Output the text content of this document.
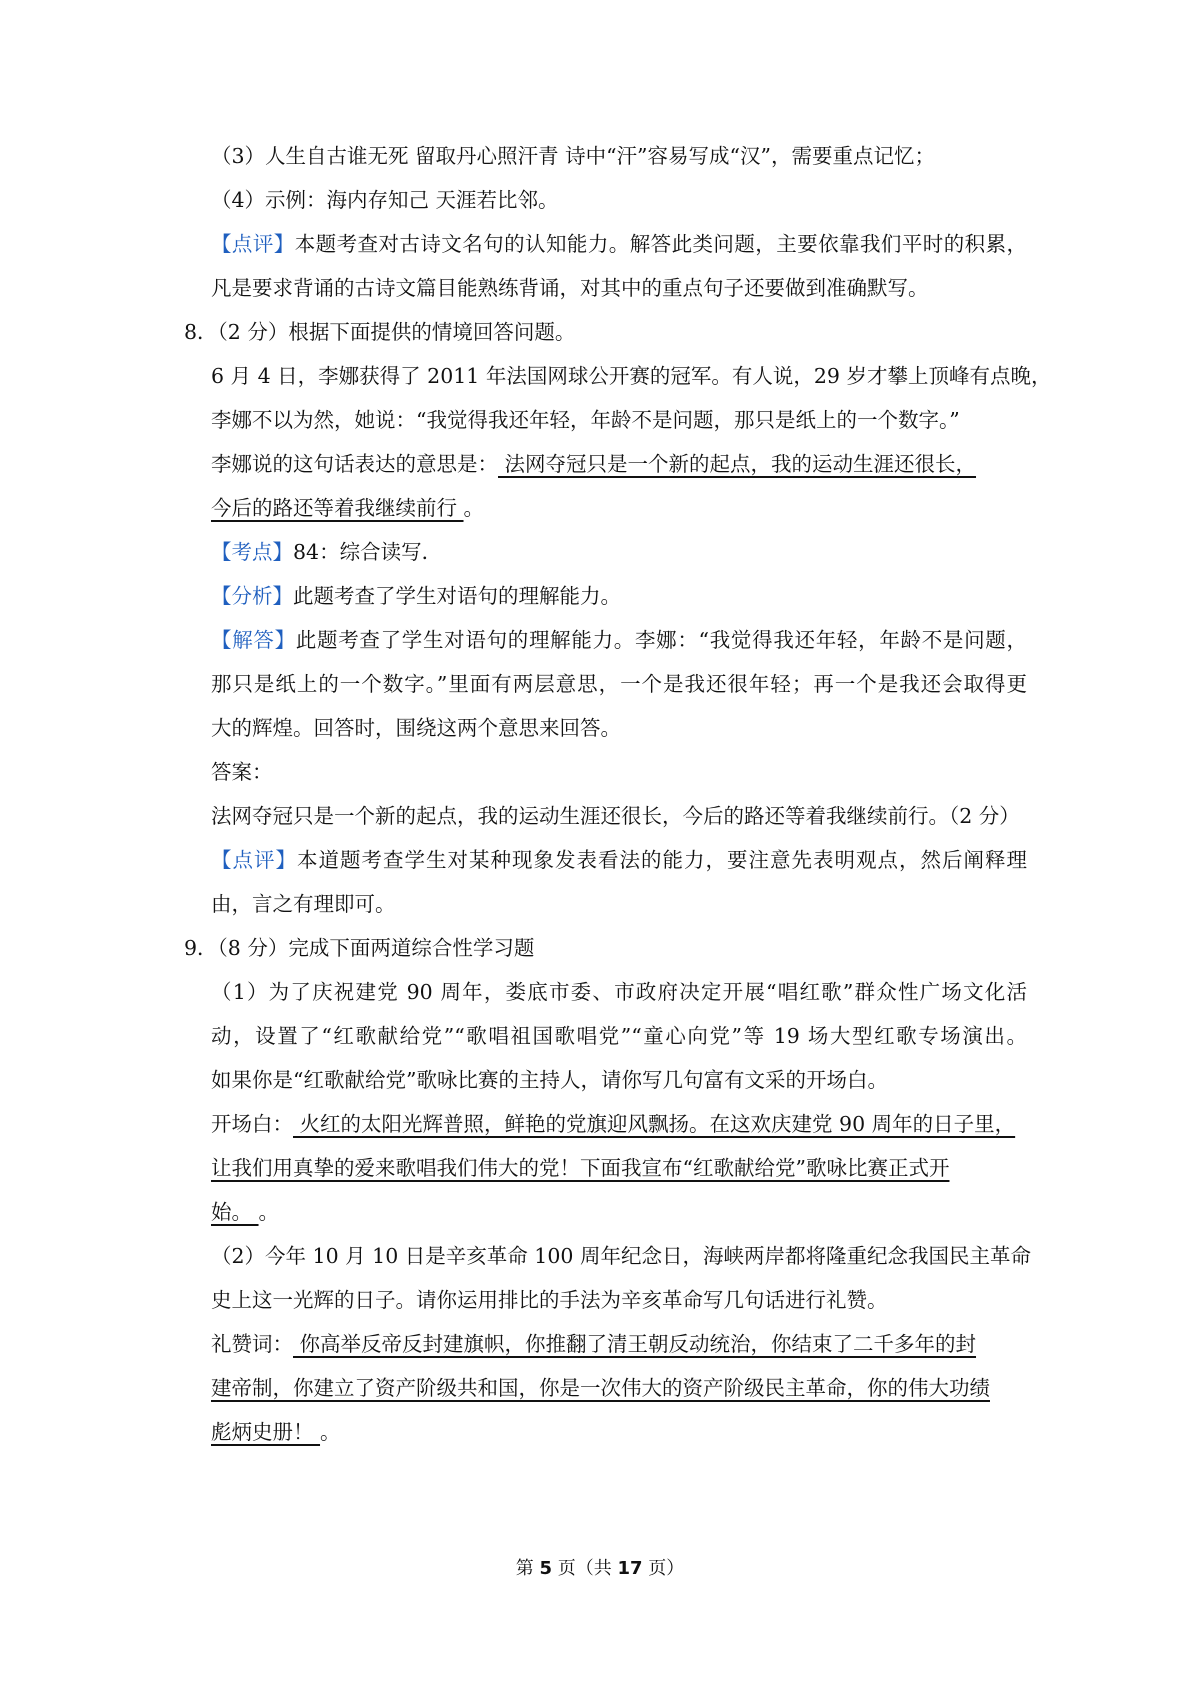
（3）人生自古谁无死 留取丹心照汗青 诗中“汗”容易写成“汉”，需要重点记忆；
（4）示例：海内存知己 天涯若比邻。
【点评】本题考查对古诗文名句的认知能力。解答此类问题，主要依靠我们平时的积累，
凡是要求背诵的古诗文篇目能熟练背诵，对其中的重点句子还要做到准确默写。
8．（2 分）根据下面提供的情境回答问题。
6 月 4 日，李娜获得了 2011 年法国网球公开赛的冠军。有人说，29 岁才攀上顶峰有点晚，
李娜不以为然，她说：“我觉得我还年轻，年龄不是问题，那只是纸上的一个数字。”
李娜说的这句话表达的意思是： 法网夺冠只是一个新的起点，我的运动生涯还很长，
今后的路还等着我继续前行 。
【考点】84：综合读写．
【分析】此题考查了学生对语句的理解能力。
【解答】此题考查了学生对语句的理解能力。李娜：“我觉得我还年轻，年龄不是问题，
那只是纸上的一个数字。”里面有两层意思，一个是我还很年轻；再一个是我还会取得更
大的辉煌。回答时，围绕这两个意思来回答。
答案：
法网夺冠只是一个新的起点，我的运动生涯还很长，今后的路还等着我继续前行。（2 分）
【点评】本道题考查学生对某种现象发表看法的能力，要注意先表明观点，然后阐释理
由，言之有理即可。
9．（8 分）完成下面两道综合性学习题
（1）为了庆祝建党 90 周年，娄底市委、市政府决定开展“唱红歌”群众性广场文化活
动，设置了“红歌献给党”“歌唱祖国歌唱党”“童心向党”等 19 场大型红歌专场演出。
如果你是“红歌献给党”歌咏比赛的主持人，请你写几句富有文采的开场白。
开场白： 火红的太阳光辉普照，鲜艳的党旗迎风飘扬。在这欢庆建党 90 周年的日子里，
让我们用真挚的爱来歌唱我们伟大的党！下面我宣布“红歌献给党”歌咏比赛正式开
始。 。
（2）今年 10 月 10 日是辛亥革命 100 周年纪念日，海峡两岸都将隆重纪念我国民主革命
史上这一光辉的日子。请你运用排比的手法为辛亥革命写几句话进行礼赞。
礼赞词： 你高举反帝反封建旗帜，你推翻了清王朝反动统治，你结束了二千多年的封
建帝制，你建立了资产阶级共和国，你是一次伟大的资产阶级民主革命，你的伟大功绩
彪炳史册！ 。
第 5 页（共 17 页）
